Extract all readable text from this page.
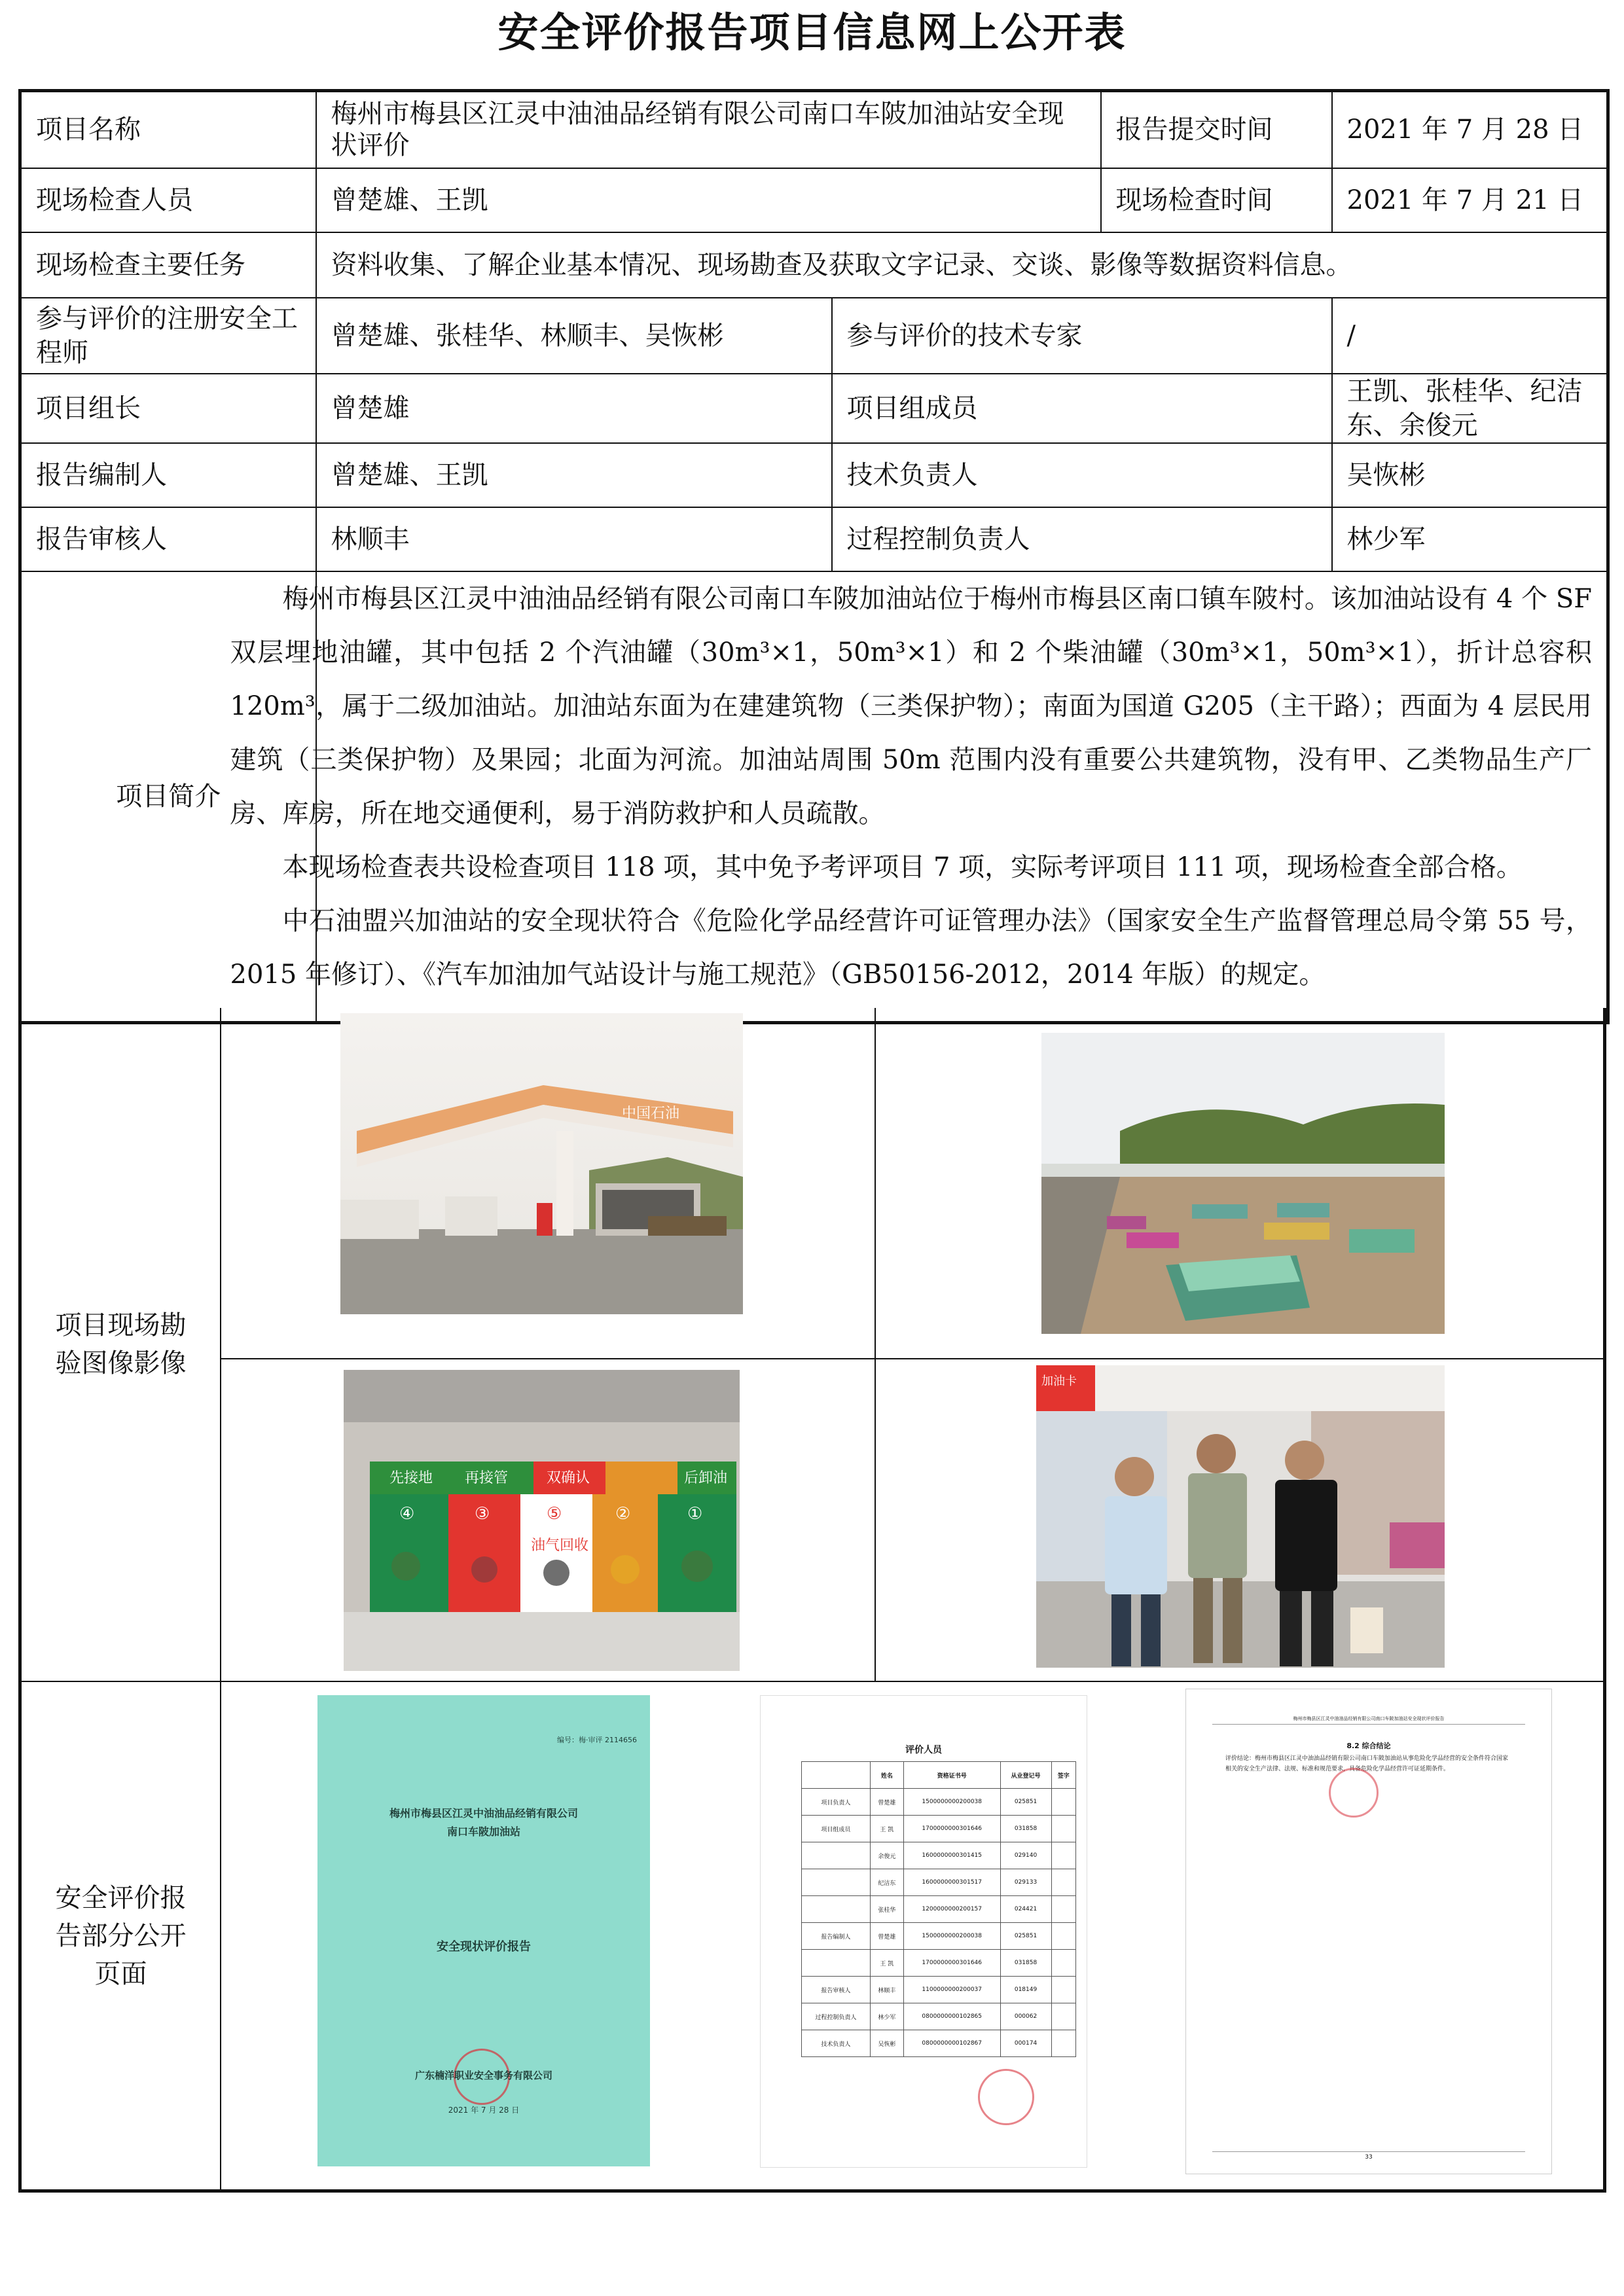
安全评价报告项目信息网上公开表
项目名称	梅州市梅县区江灵中油油品经销有限公司南口车陂加油站安全现状评价		报告提交时间	2021 年 7 月 28 日
现场检查人员	曾楚雄、王凯		现场检查时间	2021 年 7 月 21 日
现场检查主要任务	资料收集、了解企业基本情况、现场勘查及获取文字记录、交谈、影像等数据资料信息。			
参与评价的注册安全工程师	曾楚雄、张桂华、林顺丰、吴恢彬	参与评价的技术专家		/
项目组长	曾楚雄	项目组成员		王凯、张桂华、纪洁东、余俊元
报告编制人	曾楚雄、王凯	技术负责人		吴恢彬
报告审核人	林顺丰	过程控制负责人		林少军
项目简介	梅州市梅县区江灵中油油品经销有限公司南口车陂加油站位于梅州市梅县区南口镇车陂村。该加油站设有 4 个 SF 双层埋地油罐，其中包括 2 个汽油罐（30m³×1，50m³×1）和 2 个柴油罐（30m³×1，50m³×1），折计总容积 120m³，属于二级加油站。加油站东面为在建建筑物（三类保护物）；南面为国道 G205（主干路）；西面为 4 层民用建筑（三类保护物）及果园；北面为河流。加油站周围 50m 范围内没有重要公共建筑物，没有甲、乙类物品生产厂房、库房，所在地交通便利，易于消防救护和人员疏散。

本现场检查表共设检查项目 118 项，其中免予考评项目 7 项，实际考评项目 111 项，现场检查全部合格。

中石油盟兴加油站的安全现状符合《危险化学品经营许可证管理办法》（国家安全生产监督管理总局令第 55 号，2015 年修订）、《汽车加油加气站设计与施工规范》（GB50156-2012，2014 年版）的规定。			

项目现场勘
验图像影像
中国石油
先接地 再接管	双确认	后卸油
④	③	⑤	②	①
油气回收
加油卡
安全评价报
告部分公开
页面
编号：梅·审评 2114656
梅州市梅县区江灵中油油品经销有限公司
南口车陂加油站
安全现状评价报告
广东楠洋职业安全事务有限公司
2021 年 7 月 28 日
评价人员
	姓名	资格证书号	从业登记号	签字
项目负责人	曾楚雄	1500000000200038	025851	
项目组成员	王 凯	1700000000301646	031858	
	余俊元	1600000000301415	029140	
	纪洁东	1600000000301517	029133	
	张桂华	1200000000200157	024421	
报告编制人	曾楚雄	1500000000200038	025851	
	王 凯	1700000000301646	031858	
报告审核人	林顺丰	1100000000200037	018149	
过程控制负责人	林少军	0800000000102865	000062	
技术负责人	吴恢彬	0800000000102867	000174	
梅州市梅县区江灵中油油品经销有限公司南口车陂加油站安全现状评价报告
8.2 综合结论
评价结论：梅州市梅县区江灵中油油品经销有限公司南口车陂加油站从事危险化学品经营的安全条件符合国家相关的安全生产法律、法规、标准和规范要求，具备危险化学品经营许可证延期条件。
33
